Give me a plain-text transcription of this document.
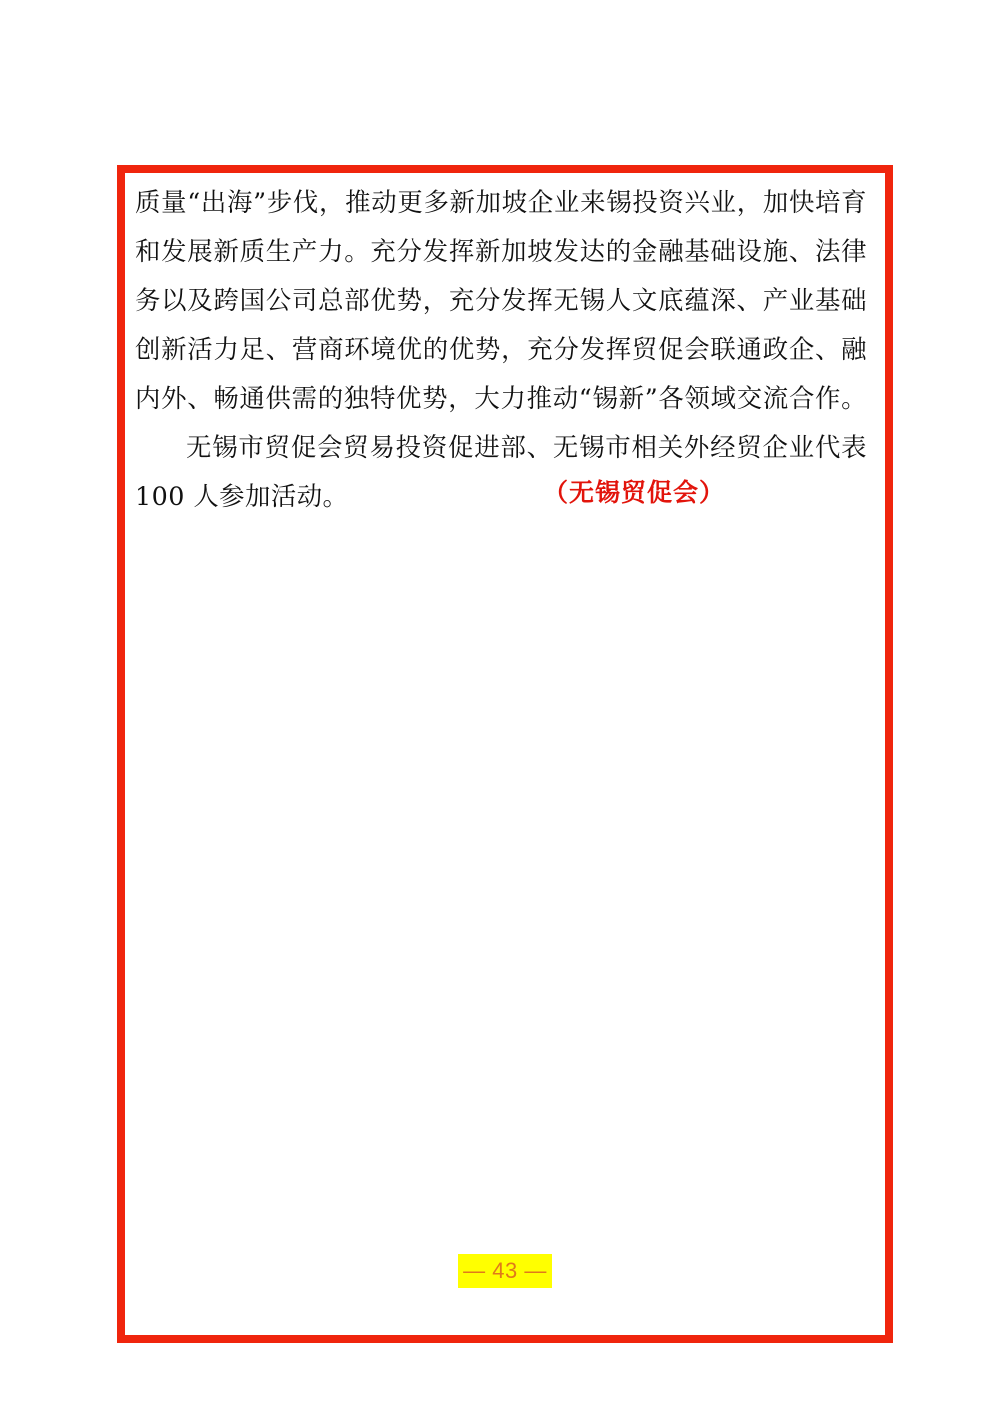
质量“出海”步伐，推动更多新加坡企业来锡投资兴业，加快培育
和发展新质生产力。充分发挥新加坡发达的金融基础设施、法律
务以及跨国公司总部优势，充分发挥无锡人文底蕴深、产业基础
创新活力足、营商环境优的优势，充分发挥贸促会联通政企、融
内外、畅通供需的独特优势，大力推动“锡新”各领域交流合作。
无锡市贸促会贸易投资促进部、无锡市相关外经贸企业代表
100 人参加活动。	（无锡贸促会）
— 43 —
